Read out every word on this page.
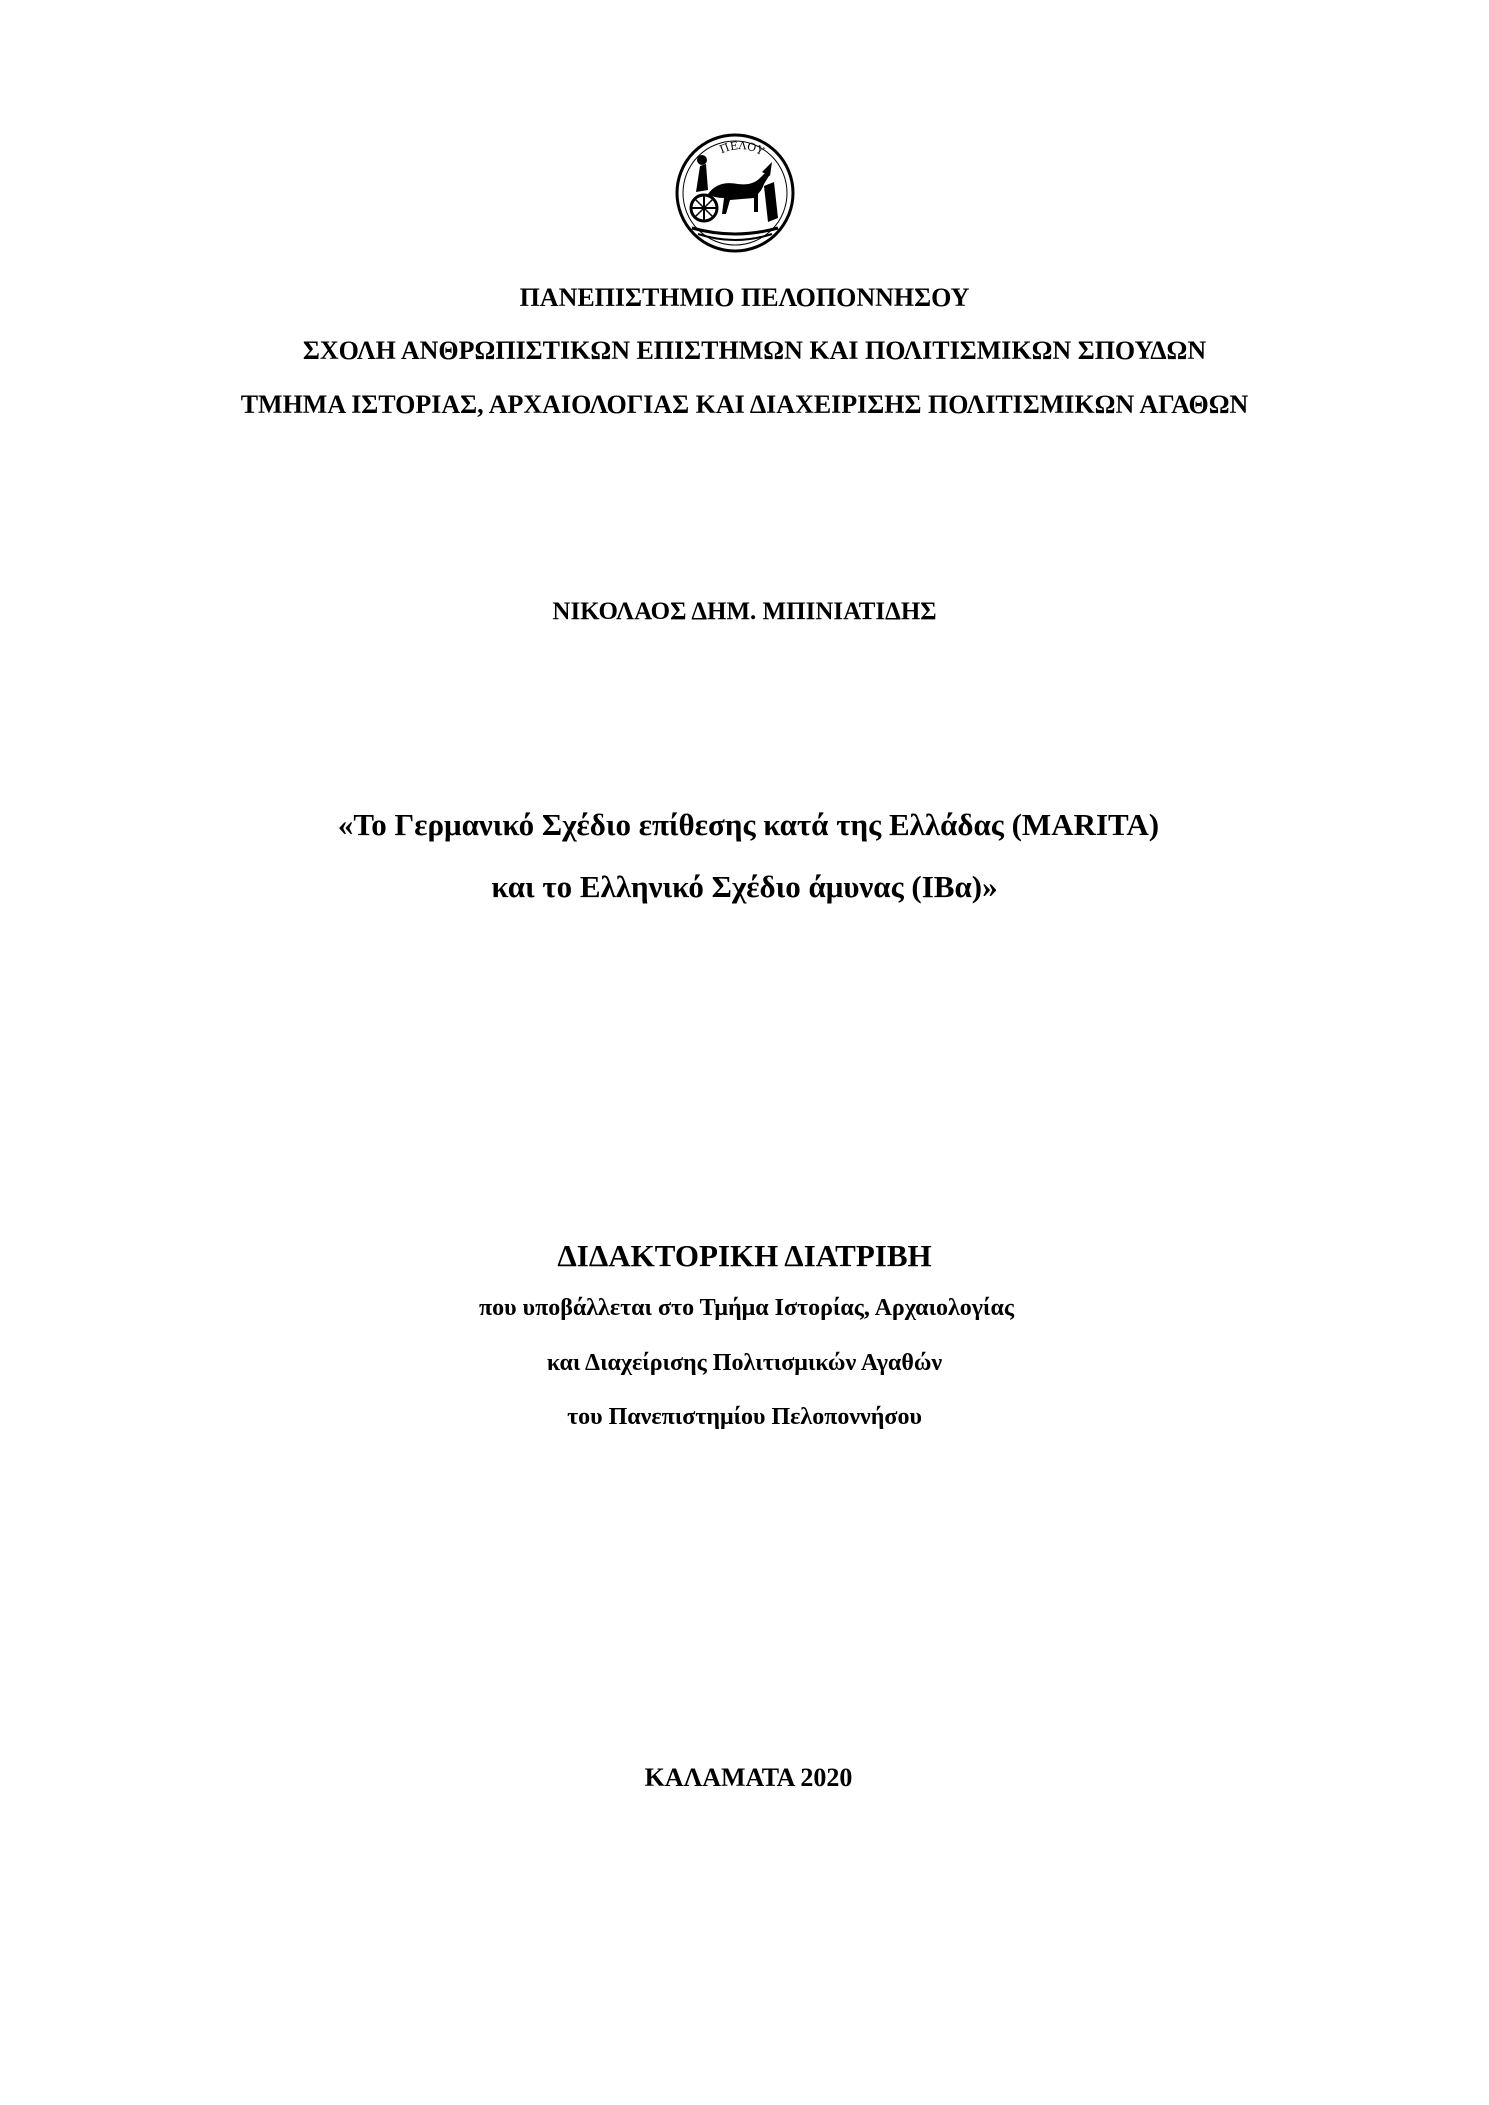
ΠΕΛΟΥ
ΠΑΝΕΠΙΣΤΗΜΙΟ ΠΕΛΟΠΟΝΝΗΣΟΥ
ΣΧΟΛΗ ΑΝΘΡΩΠΙΣΤΙΚΩΝ ΕΠΙΣΤΗΜΩΝ ΚΑΙ ΠΟΛΙΤΙΣΜΙΚΩΝ ΣΠΟΥΔΩΝ
ΤΜΗΜΑ ΙΣΤΟΡΙΑΣ, ΑΡΧΑΙΟΛΟΓΙΑΣ ΚΑΙ ΔΙΑΧΕΙΡΙΣΗΣ ΠΟΛΙΤΙΣΜΙΚΩΝ ΑΓΑΘΩΝ
ΝΙΚΟΛΑΟΣ ΔΗΜ. ΜΠΙΝΙΑΤΙΔΗΣ
«Το Γερμανικό Σχέδιο επίθεσης κατά της Ελλάδας (MARITA)
και το Ελληνικό Σχέδιο άμυνας (ΙΒα)»
ΔΙΔΑΚΤΟΡΙΚΗ ΔΙΑΤΡΙΒΗ
που υποβάλλεται στο Τμήμα Ιστορίας, Αρχαιολογίας
και Διαχείρισης Πολιτισμικών Αγαθών
του Πανεπιστημίου Πελοποννήσου
ΚΑΛΑΜΑΤΑ 2020
